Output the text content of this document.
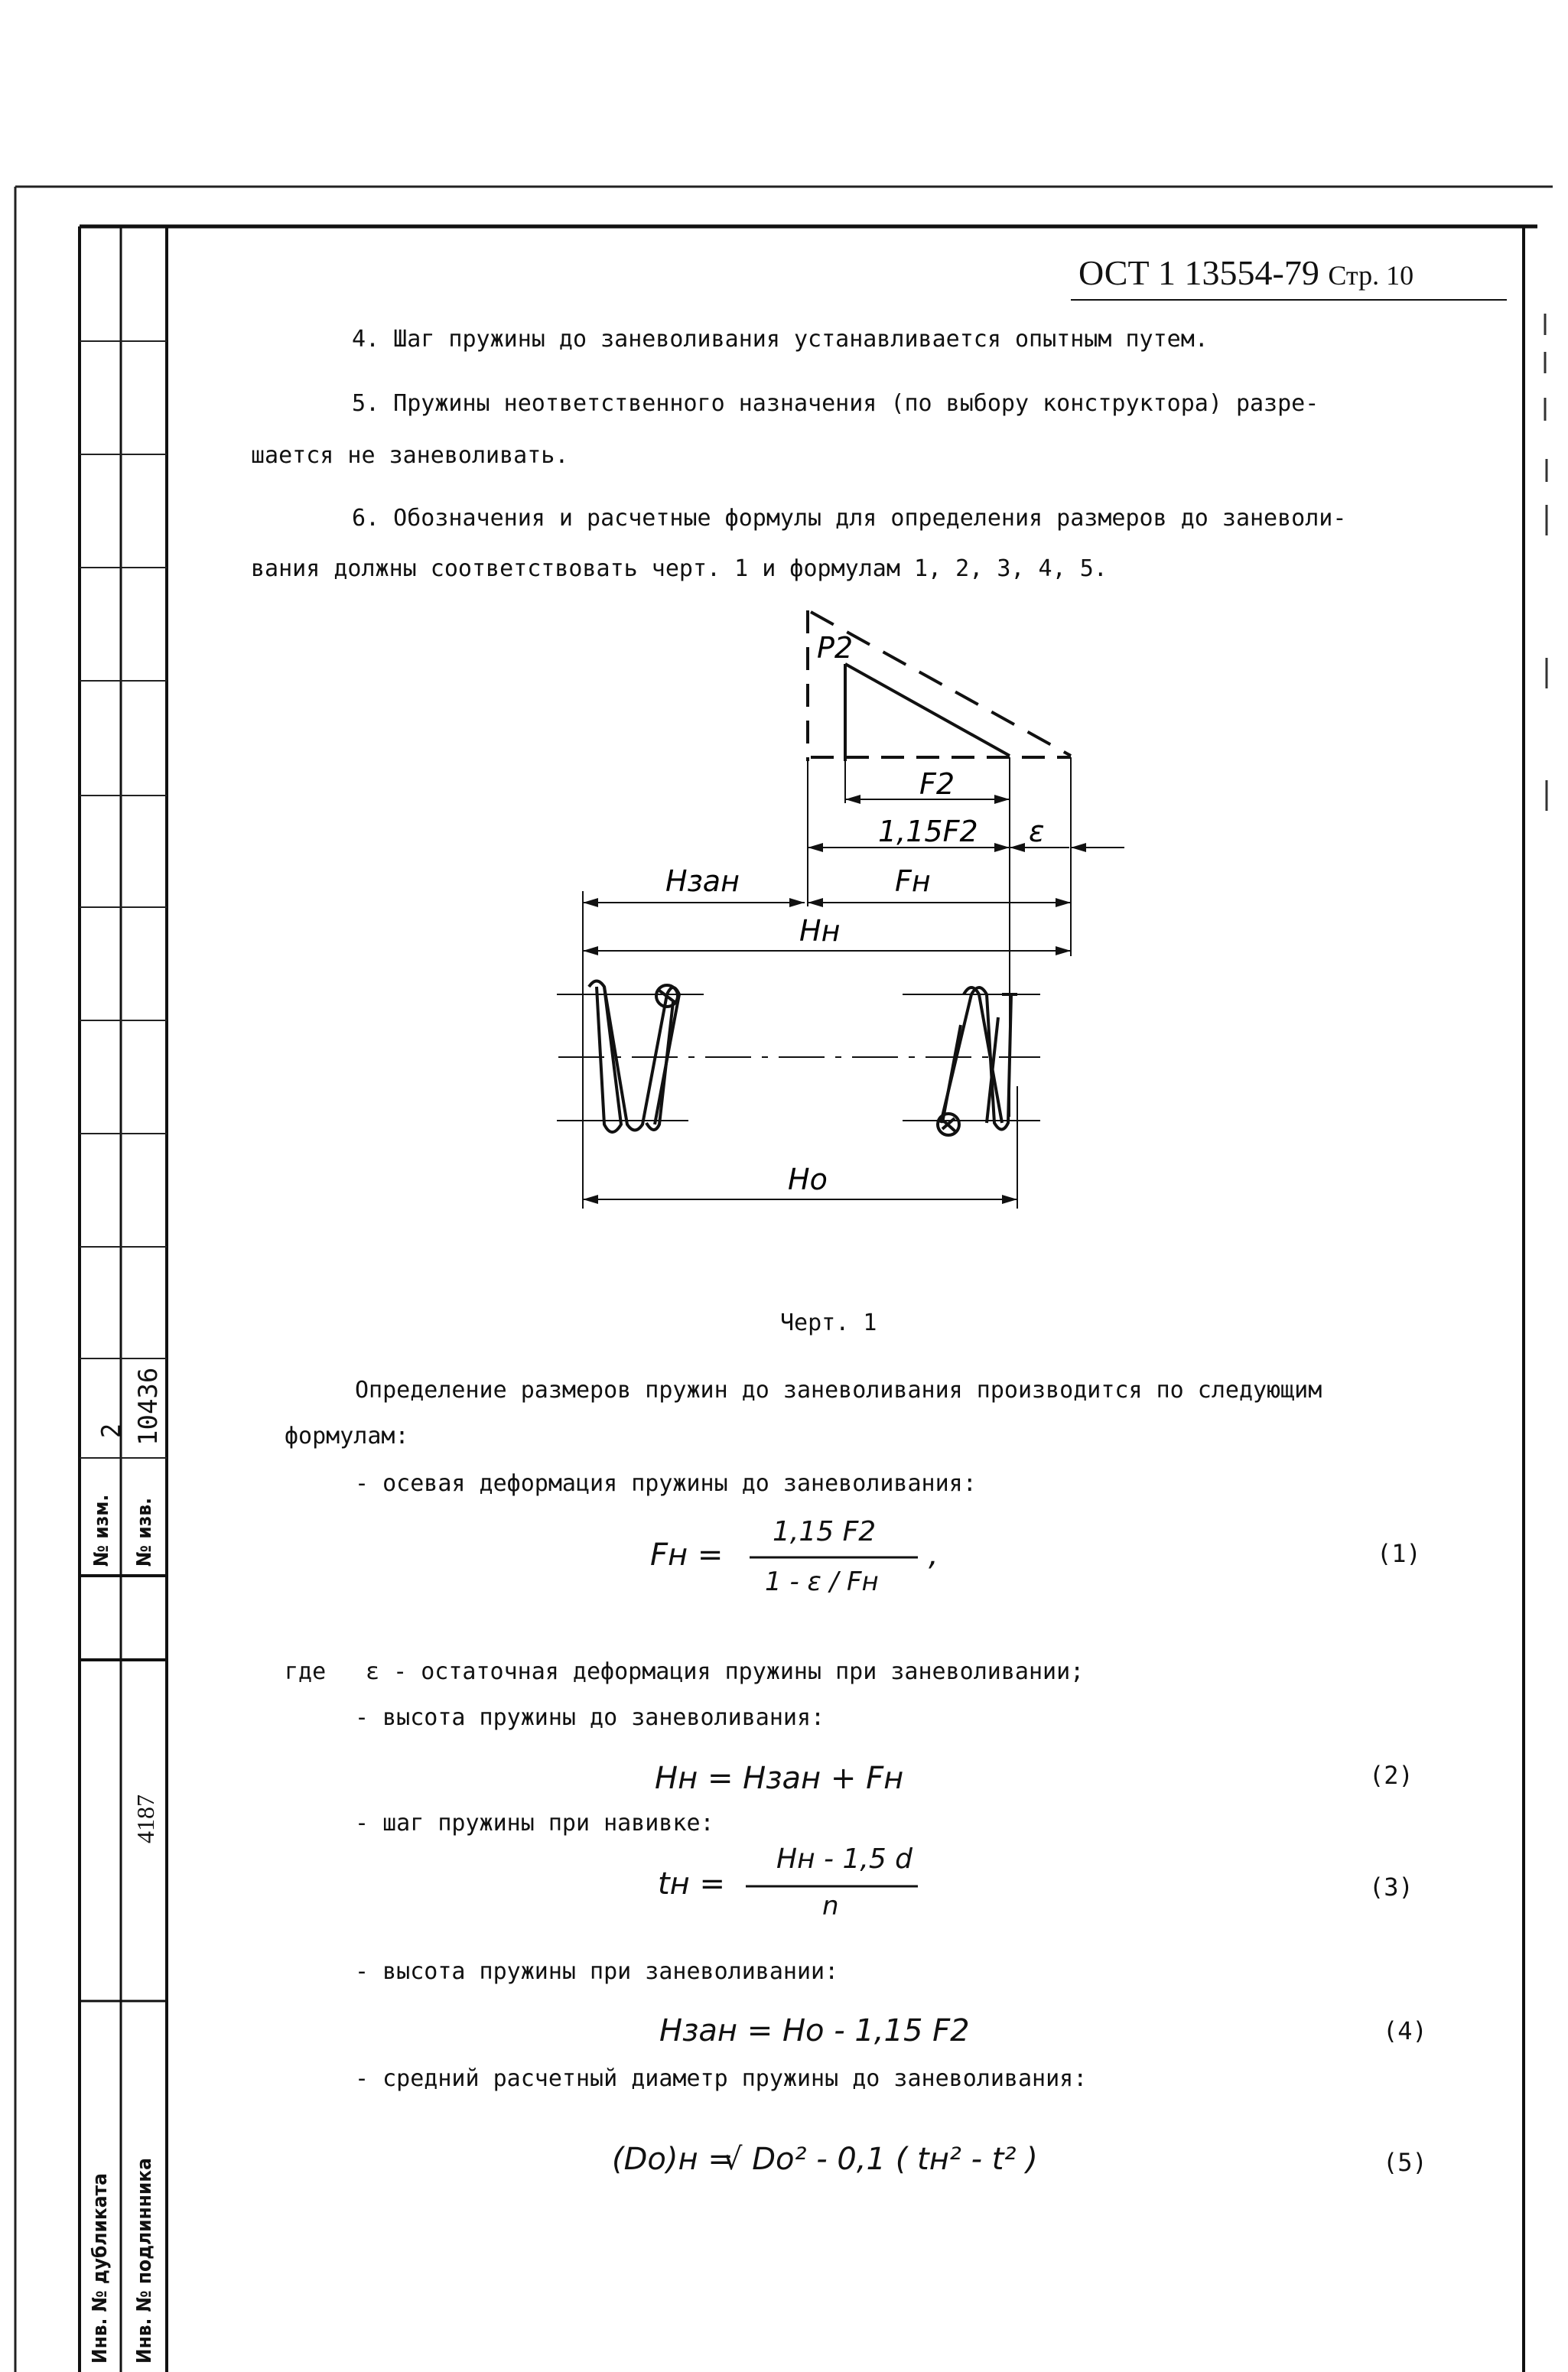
2 10436
№ изм. № изв.
4187
Инв. № дубликата Инв. № подлинника
ОСТ 1 13554-79 Стр. 10
4. Шаг пружины до заневоливания устанавливается опытным путем.
5. Пружины неответственного назначения (по выбору конструктора) разре-
шается не заневоливать.
6. Обозначения и расчетные формулы для определения размеров до заневоли-
вания должны соответствовать черт. 1 и формулам 1, 2, 3, 4, 5.
P2
F2
1,15F2 ε
Hзан	Fн
Hн
Ho
Черт. 1
Определение размеров пружин до заневоливания производится по следующим
формулам:
- осевая деформация пружины до заневоливания:
Fн =
1,15 F2
1 - ε / Fн
,	(1)
где ε - остаточная деформация пружины при заневоливании;
- высота пружины до заневоливания:
Hн = Hзан + Fн	(2)
- шаг пружины при навивке:
tн =
Hн - 1,5 d
n
(3)
- высота пружины при заневоливании:
Hзан = Ho - 1,15 F2	(4)
- средний расчетный диаметр пружины до заневоливания:
(Do)н =
√ Do² - 0,1 ( tн² - t² )	(5)
